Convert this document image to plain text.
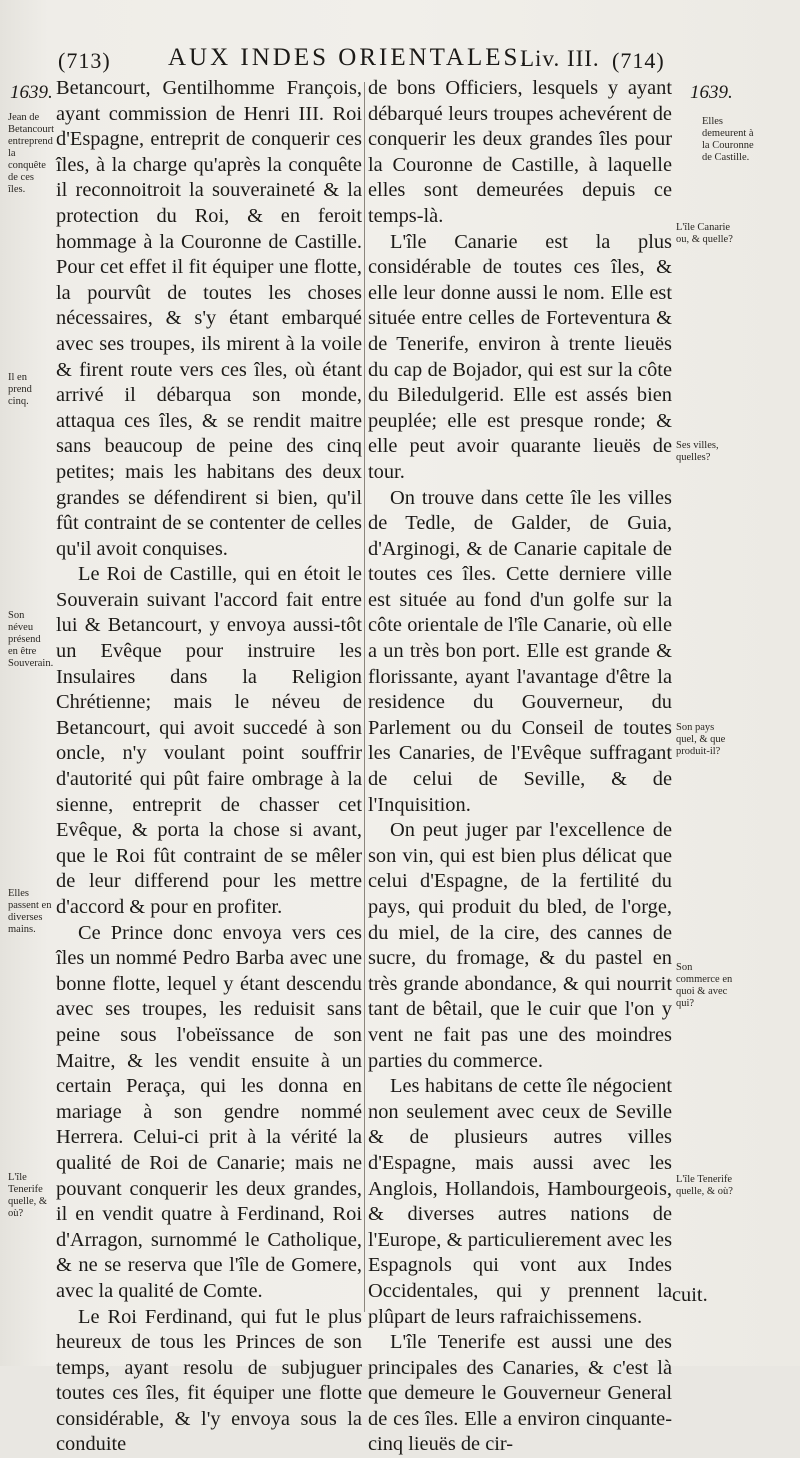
(713) AUX INDES ORIENTALES.
Liv. III. (714)
1639.	1639.
Jean de Betancourt entreprend la conquête de ces îles.
Il en prend cinq.
Son néveu présend en être Souverain.
Elles passent en diverses mains.
L'île Tenerife quelle, & où?
Elles demeurent à la Couronne de Castille.
L'île Canarie ou, & quelle?
Ses villes, quelles?
Son pays quel, & que produit-il?
Son commerce en quoi & avec qui?
L'île Tenerife quelle, & où?

Betancourt, Gentilhomme François, ayant commission de Henri III. Roi d'Espagne, entreprit de conquerir ces îles, à la charge qu'après la conquête il reconnoitroit la souveraineté & la protection du Roi, & en feroit hommage à la Couronne de Castille. Pour cet effet il fit équiper une flotte, la pourvût de toutes les choses nécessaires, & s'y étant embarqué avec ses troupes, ils mirent à la voile & firent route vers ces îles, où étant arrivé il débarqua son monde, attaqua ces îles, & se rendit maitre sans beaucoup de peine des cinq petites; mais les habitans des deux grandes se défendirent si bien, qu'il fût contraint de se contenter de celles qu'il avoit conquises.

Le Roi de Castille, qui en étoit le Souverain suivant l'accord fait entre lui & Betancourt, y envoya aussi-tôt un Evêque pour instruire les Insulaires dans la Religion Chrétienne; mais le néveu de Betancourt, qui avoit succedé à son oncle, n'y voulant point souffrir d'autorité qui pût faire ombrage à la sienne, entreprit de chasser cet Evêque, & porta la chose si avant, que le Roi fût contraint de se mêler de leur differend pour les mettre d'accord & pour en profiter.

Ce Prince donc envoya vers ces îles un nommé Pedro Barba avec une bonne flotte, lequel y étant descendu avec ses troupes, les reduisit sans peine sous l'obeïssance de son Maitre, & les vendit ensuite à un certain Peraça, qui les donna en mariage à son gendre nommé Herrera. Celui-ci prit à la vérité la qualité de Roi de Canarie; mais ne pouvant conquerir les deux grandes, il en vendit quatre à Ferdinand, Roi d'Arragon, surnommé le Catholique, & ne se reserva que l'île de Gomere, avec la qualité de Comte.

Le Roi Ferdinand, qui fut le plus heureux de tous les Princes de son temps, ayant resolu de subjuguer toutes ces îles, fit équiper une flotte considérable, & l'y envoya sous la conduite

de bons Officiers, lesquels y ayant débarqué leurs troupes achevérent de conquerir les deux grandes îles pour la Couronne de Castille, à laquelle elles sont demeurées depuis ce temps-là.

L'île Canarie est la plus considérable de toutes ces îles, & elle leur donne aussi le nom. Elle est située entre celles de Forteventura & de Tenerife, environ à trente lieuës du cap de Bojador, qui est sur la côte du Biledulgerid. Elle est assés bien peuplée; elle est presque ronde; & elle peut avoir quarante lieuës de tour.

On trouve dans cette île les villes de Tedle, de Galder, de Guia, d'Arginogi, & de Canarie capitale de toutes ces îles. Cette derniere ville est située au fond d'un golfe sur la côte orientale de l'île Canarie, où elle a un très bon port. Elle est grande & florissante, ayant l'avantage d'être la residence du Gouverneur, du Parlement ou du Conseil de toutes les Canaries, de l'Evêque suffragant de celui de Seville, & de l'Inquisition.

On peut juger par l'excellence de son vin, qui est bien plus délicat que celui d'Espagne, de la fertilité du pays, qui produit du bled, de l'orge, du miel, de la cire, des cannes de sucre, du fromage, & du pastel en très grande abondance, & qui nourrit tant de bêtail, que le cuir que l'on y vent ne fait pas une des moindres parties du commerce.

Les habitans de cette île négocient non seulement avec ceux de Seville & de plusieurs autres villes d'Espagne, mais aussi avec les Anglois, Hollandois, Hambourgeois, & diverses autres nations de l'Europe, & particulierement avec les Espagnols qui vont aux Indes Occidentales, qui y prennent la plûpart de leurs rafraichissemens.

L'île Tenerife est aussi une des principales des Canaries, & c'est là que demeure le Gouverneur General de ces îles. Elle a environ cinquante-cinq lieuës de cir-

cuit.
